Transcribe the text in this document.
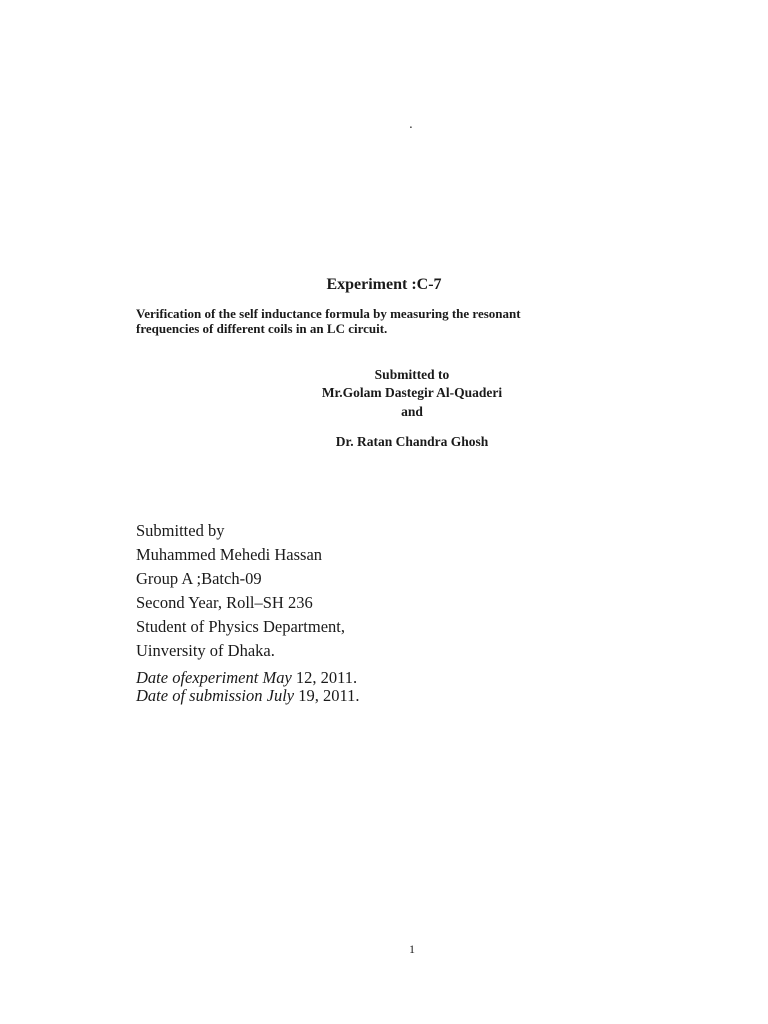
.
Experiment :C-7
Verification of the self inductance formula by measuring the resonant
frequencies of different coils in an LC circuit.
Submitted to
Mr.Golam Dastegir Al-Quaderi
and
Dr. Ratan Chandra Ghosh
Submitted by
Muhammed Mehedi Hassan
Group A ;Batch-09
Second Year, Roll–SH 236
Student of Physics Department,
Uinversity of Dhaka.
Date ofexperiment May 12, 2011.
Date of submission July 19, 2011.
1
